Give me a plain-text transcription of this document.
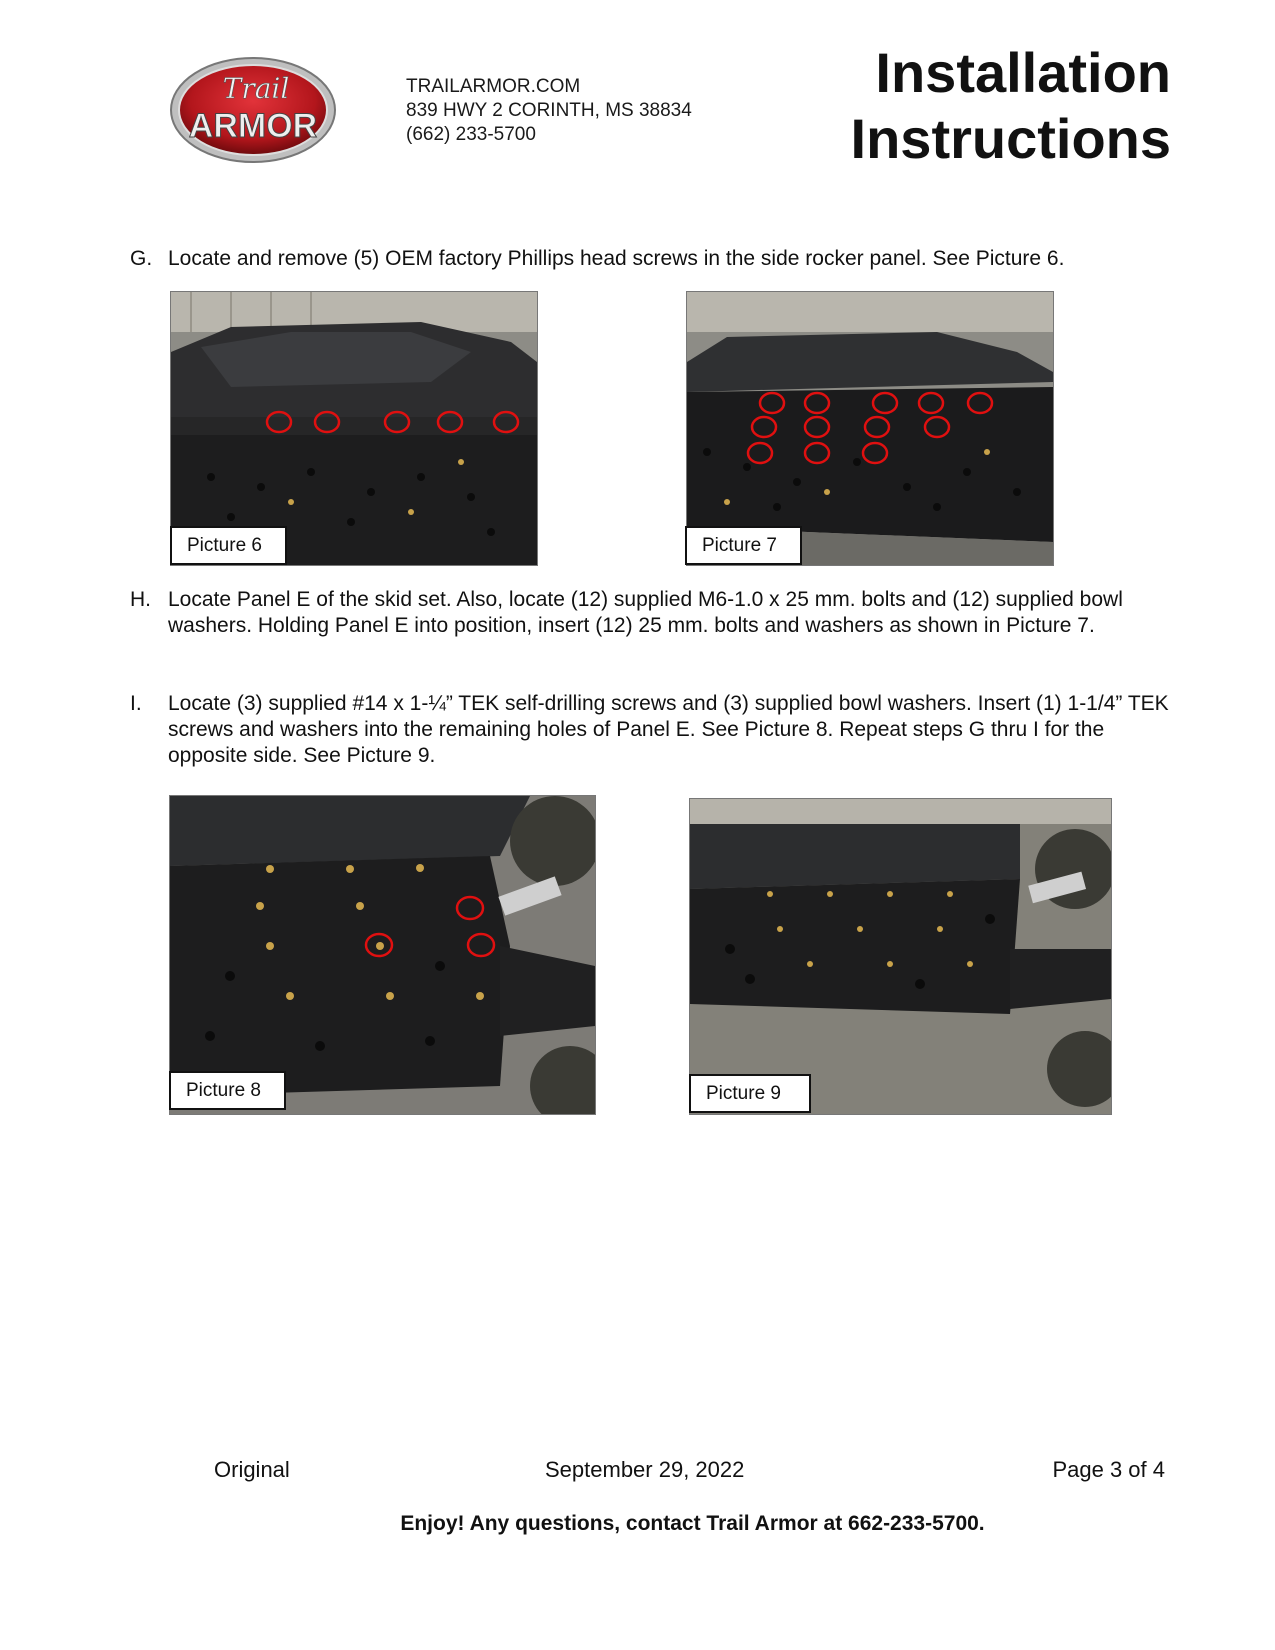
Trail
ARMOR
TRAILARMOR.COM
839 HWY 2 CORINTH, MS 38834
(662) 233-5700
Installation
Instructions
G. Locate and remove (5) OEM factory Phillips head screws in the side rocker panel. See Picture 6.
Picture 6	Picture 7
H. Locate Panel E of the skid set. Also, locate (12) supplied M6-1.0 x 25 mm. bolts and (12) supplied bowl washers. Holding Panel E into position, insert (12) 25 mm. bolts and washers as shown in Picture 7.
I. Locate (3) supplied #14 x 1-¼” TEK self-drilling screws and (3) supplied bowl washers. Insert (1) 1-1/4” TEK screws and washers into the remaining holes of Panel E. See Picture 8. Repeat steps G thru I for the opposite side. See Picture 9.
Picture 8	Picture 9
Original	September 29, 2022	Page 3 of 4
Enjoy! Any questions, contact Trail Armor at 662-233-5700.
